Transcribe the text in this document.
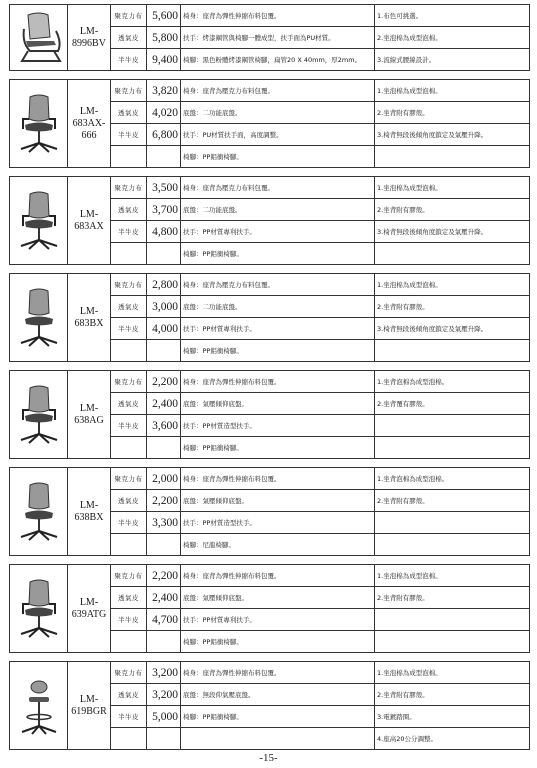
	LM-8996BV	聚克力布	5,600	椅身：座背為彈性伸縮布料包覆。	1.布色可挑選。
		透氣皮	5,800	扶手：烤漆鋼管與椅腳一體成型，扶手面為PU材質。	2.坐泡棉為成型泡棉。
		半牛皮	9,400	椅腳：黑色粉體烤漆鋼管椅腳，扁管20 X 40mm，厚2mm。	3.流線式腰線設計。

	LM-683AX-666	聚克力布	3,820	椅身：座背為壓克力布料包覆。	1.坐泡棉為成型泡棉。
		透氣皮	4,020	底盤：二功能底盤。	2.坐背附有膠殼。
		半牛皮	6,800	扶手：PU材質扶手面，高度調整。	3.椅背無段後傾角度鎖定及氣壓升降。
				椅腳：PP鋁衝椅腳。	

	LM-683AX	聚克力布	3,500	椅身：座背為壓克力布料包覆。	1.坐泡棉為成型泡棉。
		透氣皮	3,700	底盤：二功能底盤。	2.坐背附有膠殼。
		半牛皮	4,800	扶手：PP材質專利扶手。	3.椅背無段後傾角度鎖定及氣壓升降。
				椅腳：PP鋁衝椅腳。	

	LM-683BX	聚克力布	2,800	椅身：座背為壓克力布料包覆。	1.坐泡棉為成型泡棉。
		透氣皮	3,000	底盤：二功能底盤。	2.坐背附有膠殼。
		半牛皮	4,000	扶手：PP材質專利扶手。	3.椅背無段後傾角度鎖定及氣壓升降。
				椅腳：PP鋁衝椅腳。	

	LM-638AG	聚克力布	2,200	椅身：座背為彈性伸縮布料包覆。	1.坐背泡棉為成型泡棉。
		透氣皮	2,400	底盤：氣壓傾仰底盤。	2.坐背覆有膠殼。
		半牛皮	3,600	扶手：PP材質造型扶手。	
				椅腳：PP鋁衝椅腳。	

	LM-638BX	聚克力布	2,000	椅身：座背為彈性伸縮布料包覆。	1.坐背泡棉為成型泡棉。
		透氣皮	2,200	底盤：氣壓傾仰底盤。	2.坐背附有膠殼。
		半牛皮	3,300	扶手：PP材質造型扶手。	
				椅腳：尼龍椅腳。	

	LM-639ATG	聚克力布	2,200	椅身：座背為彈性伸縮布料包覆。	1.坐泡棉為成型泡棉。
		透氣皮	2,400	底盤：氣壓傾仰底盤。	2.坐背附有膠殼。
		半牛皮	4,700	扶手：PP材質專利扶手。	
				椅腳：PP鋁衝椅腳。	

	LM-619BGR	聚克力布	3,200	椅身：座背為彈性伸縮布料包覆。	1.坐泡棉為成型泡棉。
		透氣皮	3,200	底盤：無段仰氣壓底盤。	2.坐背附有膠殼。
		半牛皮	5,000	椅腳：PP鋁衝椅腳。	3.電鍍踏圈。
					4.座高20公分調整。
-15-
